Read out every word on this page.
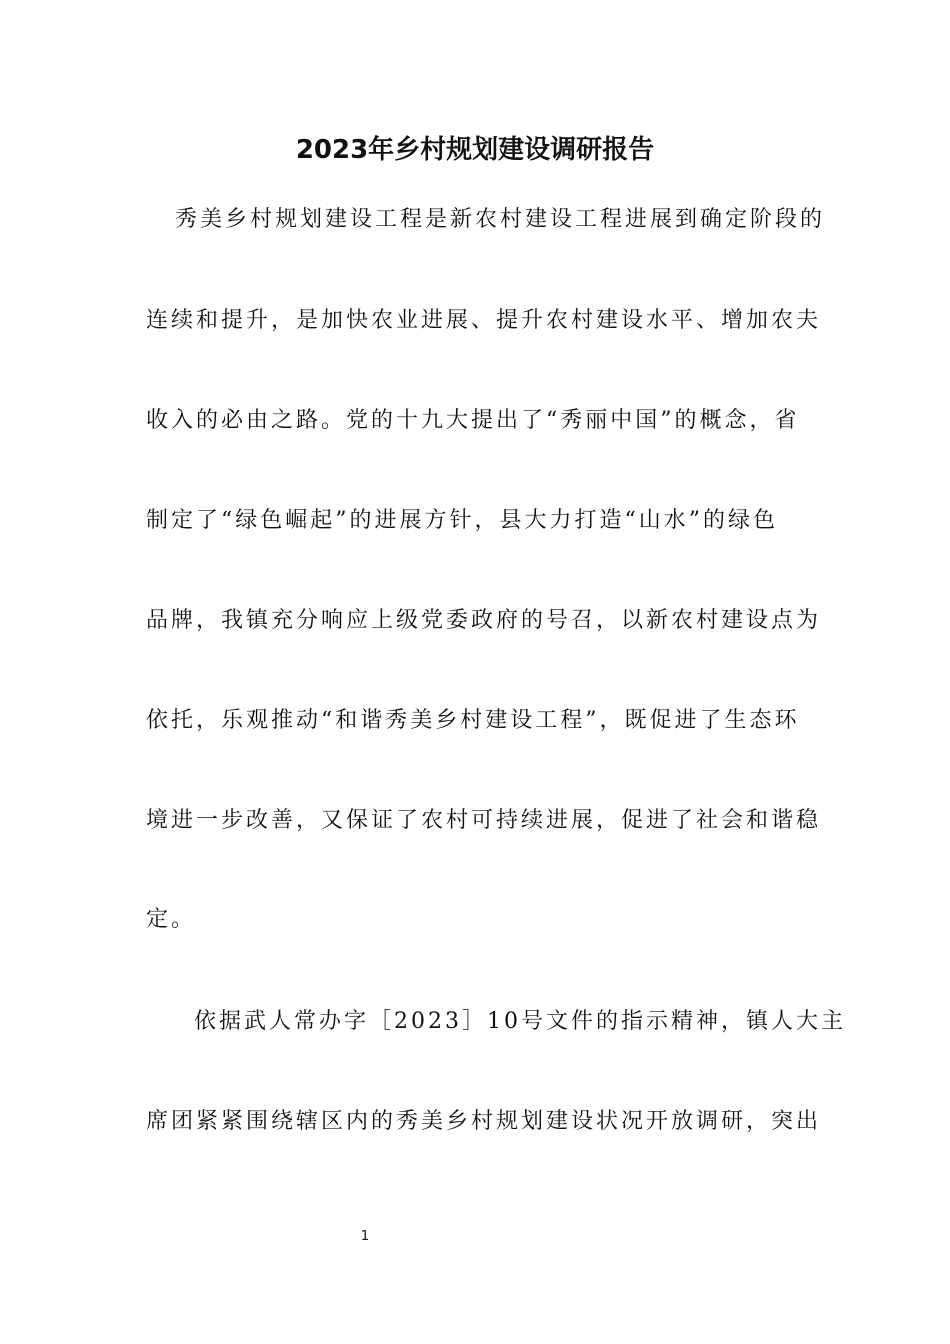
2023年乡村规划建设调研报告

秀美乡村规划建设工程是新农村建设工程进展到确定阶段的

连续和提升，是加快农业进展、提升农村建设水平、增加农夫

收入的必由之路。党的十九大提出了“秀丽中国”的概念，省

制定了“绿色崛起”的进展方针，县大力打造“山水”的绿色

品牌，我镇充分响应上级党委政府的号召，以新农村建设点为

依托，乐观推动“和谐秀美乡村建设工程”，既促进了生态环

境进一步改善，又保证了农村可持续进展，促进了社会和谐稳

定。

依据武人常办字［2023］10号文件的指示精神，镇人大主

席团紧紧围绕辖区内的秀美乡村规划建设状况开放调研，突出

1
